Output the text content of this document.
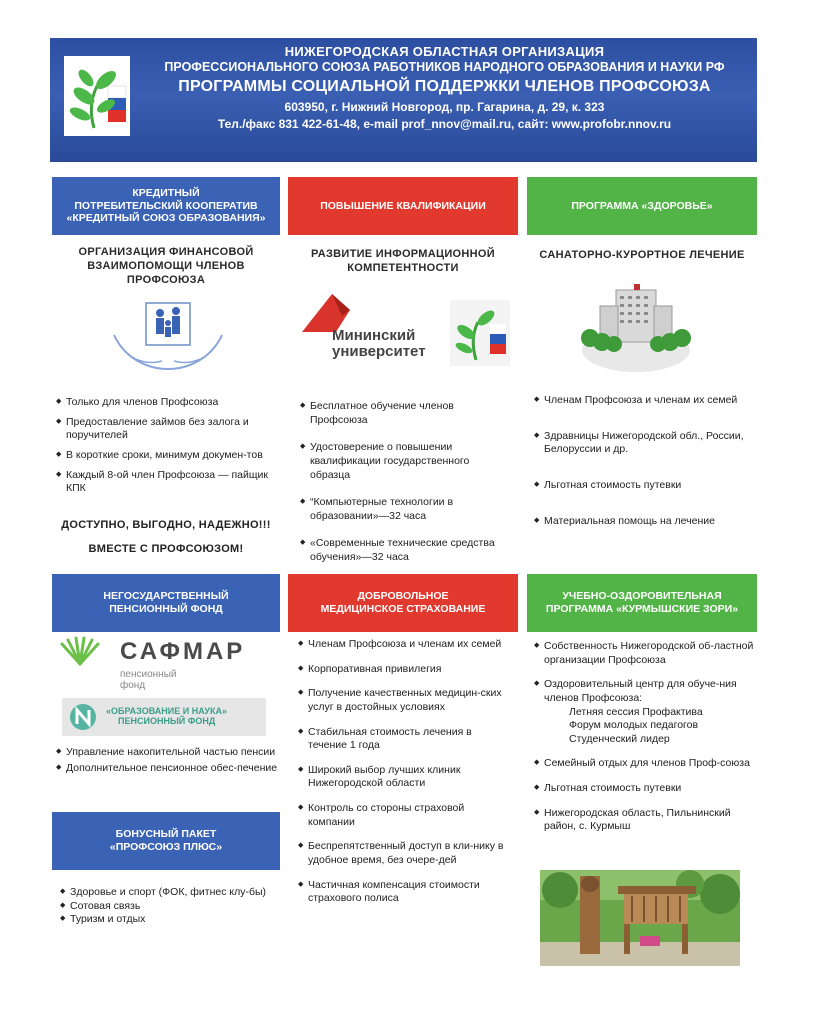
НИЖЕГОРОДСКАЯ ОБЛАСТНАЯ ОРГАНИЗАЦИЯ
ПРОФЕССИОНАЛЬНОГО СОЮЗА РАБОТНИКОВ НАРОДНОГО ОБРАЗОВАНИЯ И НАУКИ РФ
ПРОГРАММЫ СОЦИАЛЬНОЙ ПОДДЕРЖКИ ЧЛЕНОВ ПРОФСОЮЗА
603950, г. Нижний Новгород, пр. Гагарина, д. 29, к. 323
Тел./факс 831 422-61-48, e-mail prof_nnov@mail.ru, сайт: www.profobr.nnov.ru
КРЕДИТНЫЙ
ПОТРЕБИТЕЛЬСКИЙ КООПЕРАТИВ
«КРЕДИТНЫЙ СОЮЗ ОБРАЗОВАНИЯ»
ОРГАНИЗАЦИЯ ФИНАНСОВОЙ
ВЗАИМОПОМОЩИ ЧЛЕНОВ
ПРОФСОЮЗА
◆ Только для членов Профсоюза
◆ Предоставление займов без залога и поручителей
◆ В короткие сроки, минимум докумен-тов
◆ Каждый 8-ой член Профсоюза — пайщик КПК
ДОСТУПНО, ВЫГОДНО, НАДЕЖНО!!!
ВМЕСТЕ С ПРОФСОЮЗОМ!
ПОВЫШЕНИЕ КВАЛИФИКАЦИИ
РАЗВИТИЕ ИНФОРМАЦИОННОЙ
КОМПЕТЕНТНОСТИ
Мининский
университет
◆ Бесплатное обучение членов Профсоюза
◆ Удостоверение о повышении квалификации государственного образца
◆ “Компьютерные технологии в образовании»—32 часа
◆ «Современные технические средства обучения»—32 часа
ПРОГРАММА «ЗДОРОВЬЕ»
САНАТОРНО-КУРОРТНОЕ ЛЕЧЕНИЕ
◆ Членам Профсоюза и членам их семей
◆ Здравницы Нижегородской обл., России, Белоруссии и др.
◆ Льготная стоимость путевки
◆ Материальная помощь на лечение
НЕГОСУДАРСТВЕННЫЙ
ПЕНСИОННЫЙ ФОНД
САФМАР
пенсионный
фонд
«ОБРАЗОВАНИЕ И НАУКА»
ПЕНСИОННЫЙ ФОНД
◆ Управление накопительной частью пенсии
◆ Дополнительное пенсионное обес-печение
БОНУСНЫЙ ПАКЕТ
«ПРОФСОЮЗ ПЛЮС»
◆ Здоровье и спорт (ФОК, фитнес клу-бы)
◆ Сотовая связь
◆ Туризм и отдых
ДОБРОВОЛЬНОЕ
МЕДИЦИНСКОЕ СТРАХОВАНИЕ
◆ Членам Профсоюза и членам их семей
◆ Корпоративная привилегия
◆ Получение качественных медицин-ских услуг в достойных условиях
◆ Стабильная стоимость лечения в течение 1 года
◆ Широкий выбор лучших клиник Нижегородской области
◆ Контроль со стороны страховой компании
◆ Беспрепятственный доступ в кли-нику в удобное время, без очере-дей
◆ Частичная компенсация стоимости страхового полиса
УЧЕБНО-ОЗДОРОВИТЕЛЬНАЯ
ПРОГРАММА «КУРМЫШСКИЕ ЗОРИ»
◆ Собственность Нижегородской об-ластной организации Профсоюза
◆ Оздоровительный центр для обуче-ния членов Профсоюза:
Летняя сессия Профактива
Форум молодых педагогов
Студенческий лидер
◆ Семейный отдых для членов Проф-союза
◆ Льготная стоимость путевки
◆ Нижегородская область, Пильнинский район, с. Курмыш
